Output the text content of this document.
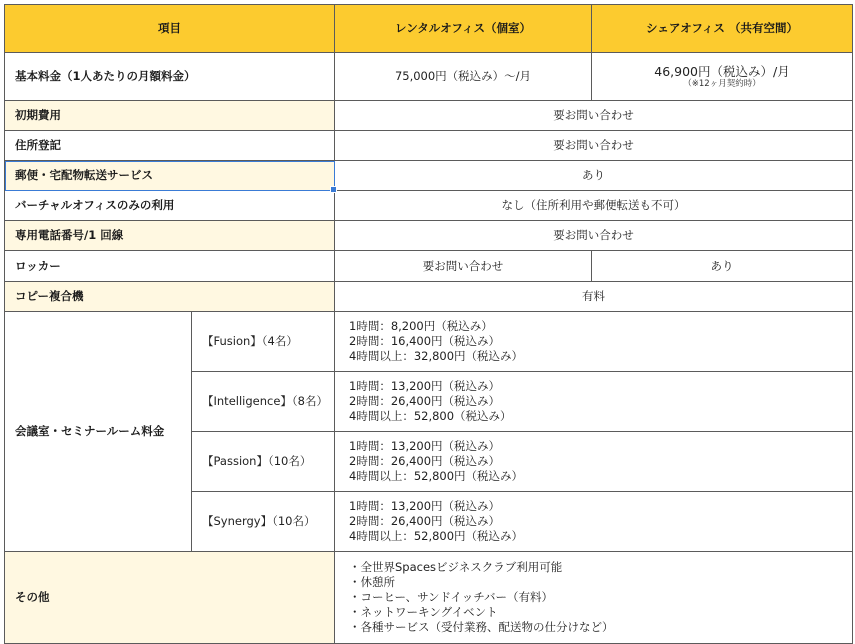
項目		レンタルオフィス（個室）	シェアオフィス （共有空間）
基本料金（1人あたりの月額料金）		75,000円（税込み）～/月	46,900円（税込み）/月
（※12ヶ月契約時）

初期費用		要お問い合わせ	
住所登記		要お問い合わせ	
郵便・宅配物転送サービス		あり	
バーチャルオフィスのみの利用		なし（住所利用や郵便転送も不可）	
専用電話番号/1 回線		要お問い合わせ	
ロッカー		要お問い合わせ	あり
コピー複合機		有料	
会議室・セミナールーム料金	【Fusion】（4名）	1時間：8,200円（税込み）
2時間：16,400円（税込み）
4時間以上：32,800円（税込み）	

	【Intelligence】（8名）	1時間：13,200円（税込み）
2時間：26,400円（税込み）
4時間以上：52,800（税込み）	

	【Passion】（10名）	1時間：13,200円（税込み）
2時間：26,400円（税込み）
4時間以上：52,800円（税込み）	

	【Synergy】（10名）	1時間：13,200円（税込み）
2時間：26,400円（税込み）
4時間以上：52,800円（税込み）	

その他		・全世界Spacesビジネスクラブ利用可能
・休憩所
・コーヒー、サンドイッチバー（有料）
・ネットワーキングイベント
・各種サービス（受付業務、配送物の仕分けなど）	
